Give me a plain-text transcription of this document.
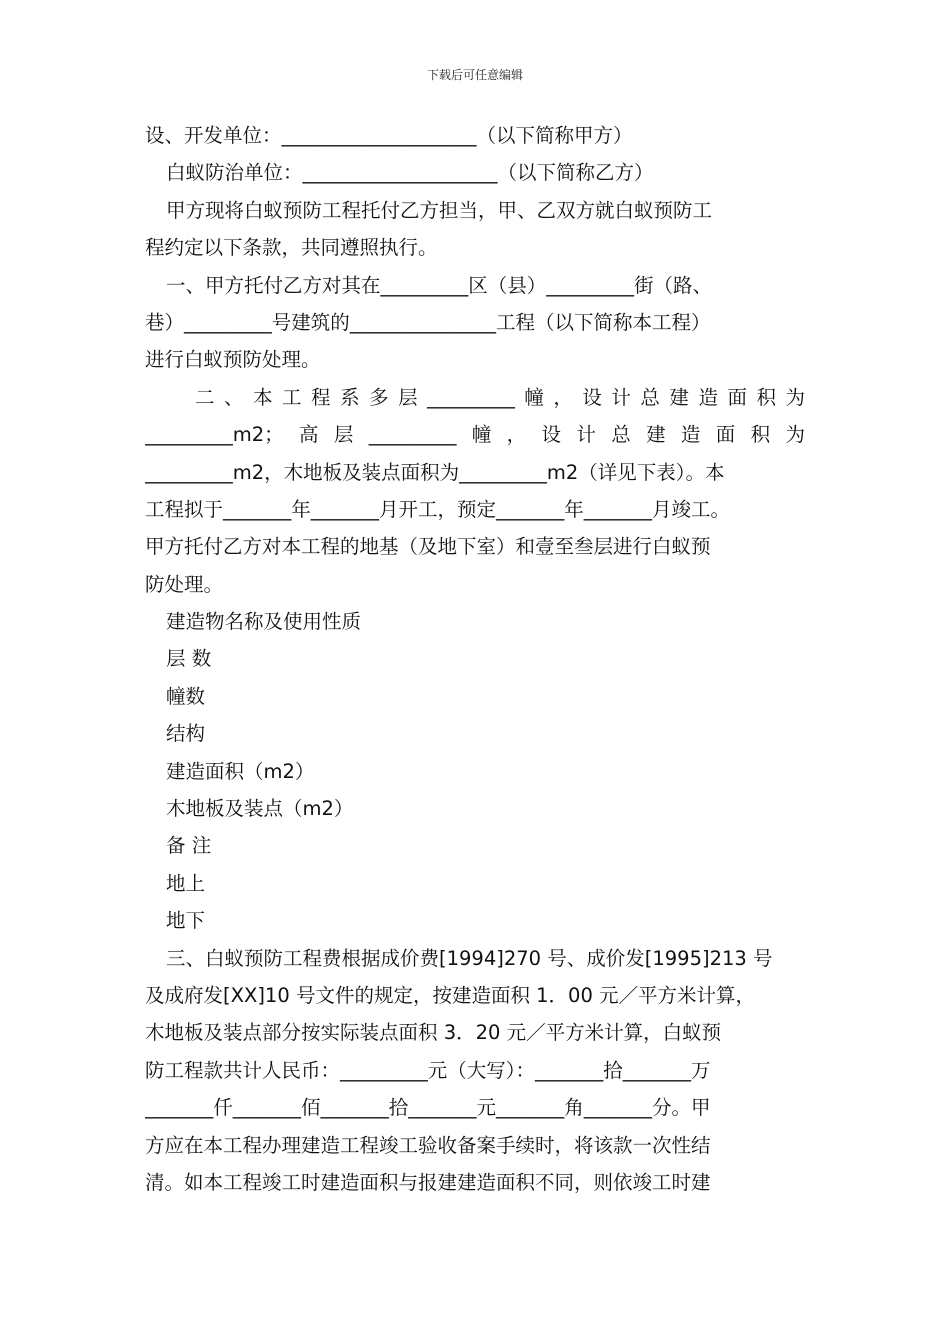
下载后可任意编辑
设、开发单位：____________________（以下简称甲方）
白蚁防治单位：____________________（以下简称乙方）
甲方现将白蚁预防工程托付乙方担当，甲、乙双方就白蚁预防工
程约定以下条款，共同遵照执行。
一、甲方托付乙方对其在_________区（县）_________街（路、
巷）_________号建筑的_______________工程（以下简称本工程）
进行白蚁预防处理。
二、本工程系多层_________幢，设计总建造面积为
_________m2；高层_________幢，设计总建造面积为
_________m2，木地板及装点面积为_________m2（详见下表）。本
工程拟于_______年_______月开工，预定_______年_______月竣工。
甲方托付乙方对本工程的地基（及地下室）和壹至叁层进行白蚁预
防处理。
建造物名称及使用性质
层 数
幢数
结构
建造面积（m2）
木地板及装点（m2）
备 注
地上
地下
三、白蚁预防工程费根据成价费[1994]270 号、成价发[1995]213 号
及成府发[XX]10 号文件的规定，按建造面积 1．00 元／平方米计算，
木地板及装点部分按实际装点面积 3．20 元／平方米计算，白蚁预
防工程款共计人民币：_________元（大写）：_______拾_______万
_______仟_______佰_______拾_______元_______角_______分。甲
方应在本工程办理建造工程竣工验收备案手续时，将该款一次性结
清。如本工程竣工时建造面积与报建建造面积不同，则依竣工时建
